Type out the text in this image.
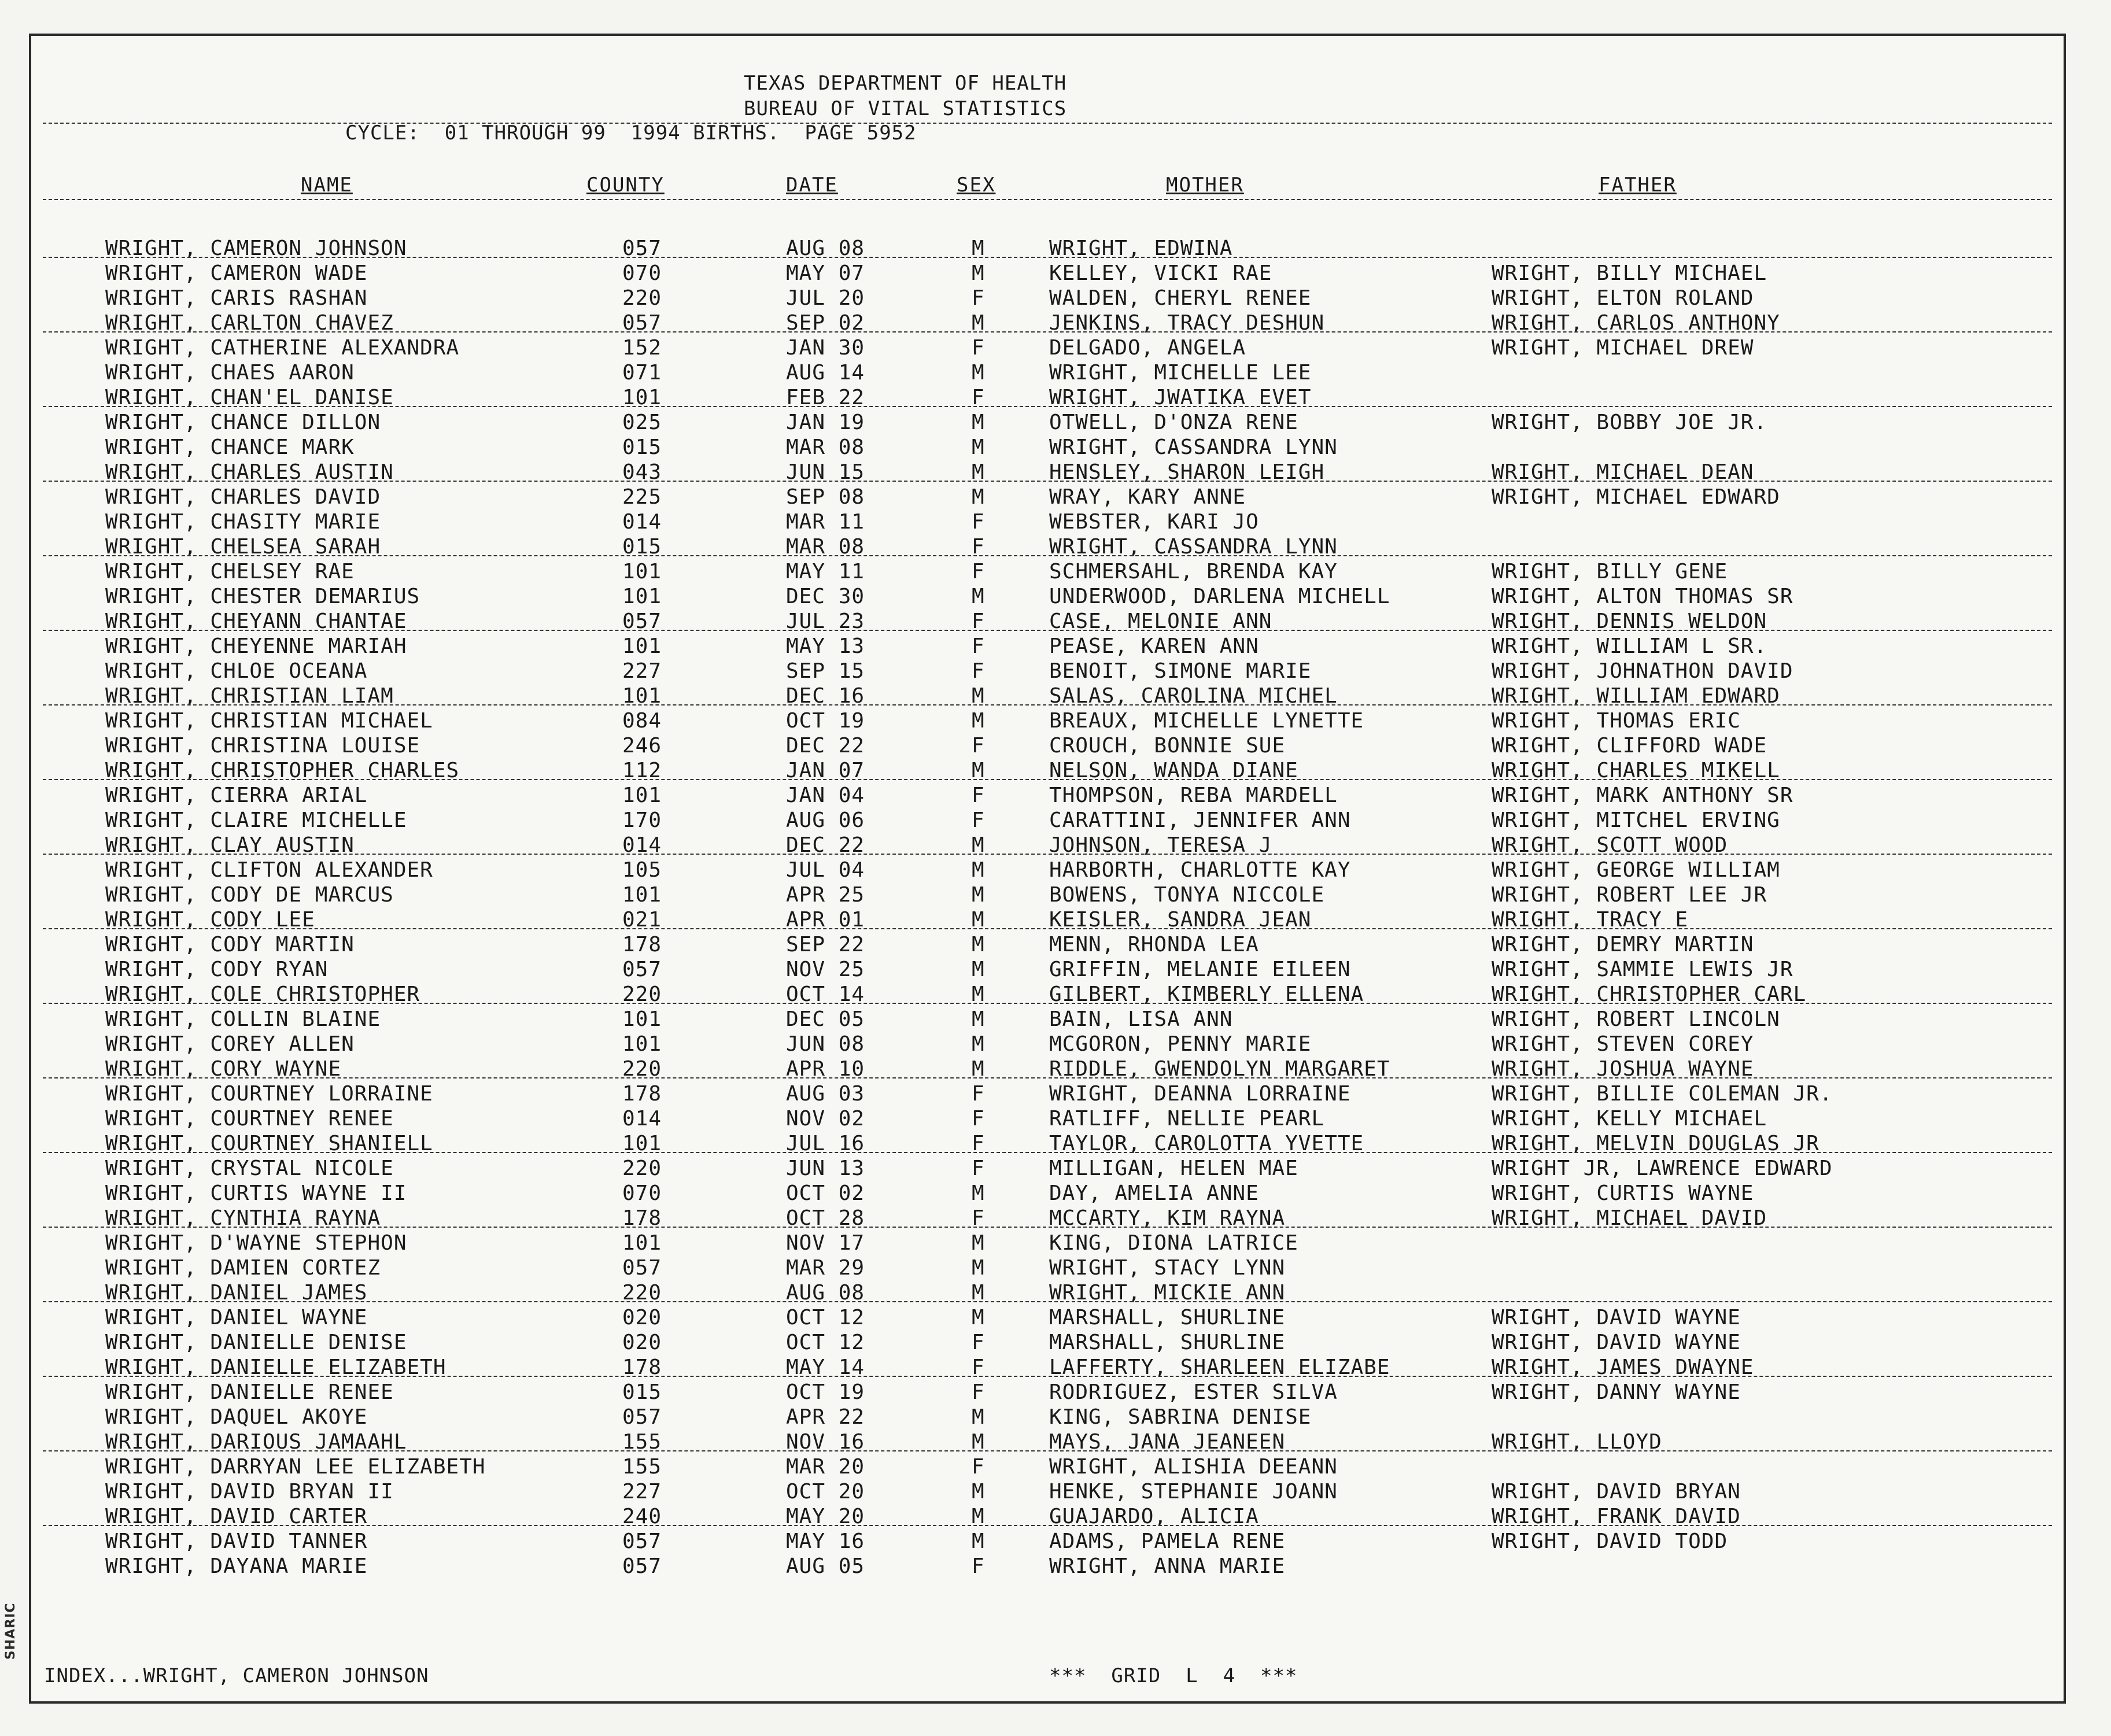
SHARIC
TEXAS DEPARTMENT OF HEALTH
BUREAU OF VITAL STATISTICS
CYCLE:  01 THROUGH 99  1994 BIRTHS.  PAGE 5952
NAME	COUNTY	DATE	SEX	MOTHER	FATHER
WRIGHT, CAMERON JOHNSON	057	AUG 08	M	WRIGHT, EDWINA
WRIGHT, CAMERON WADE	070	MAY 07	M	KELLEY, VICKI RAE	WRIGHT, BILLY MICHAEL
WRIGHT, CARIS RASHAN	220	JUL 20	F	WALDEN, CHERYL RENEE	WRIGHT, ELTON ROLAND
WRIGHT, CARLTON CHAVEZ	057	SEP 02	M	JENKINS, TRACY DESHUN	WRIGHT, CARLOS ANTHONY
WRIGHT, CATHERINE ALEXANDRA	152	JAN 30	F	DELGADO, ANGELA	WRIGHT, MICHAEL DREW
WRIGHT, CHAES AARON	071	AUG 14	M	WRIGHT, MICHELLE LEE
WRIGHT, CHAN'EL DANISE	101	FEB 22	F	WRIGHT, JWATIKA EVET
WRIGHT, CHANCE DILLON	025	JAN 19	M	OTWELL, D'ONZA RENE	WRIGHT, BOBBY JOE JR.
WRIGHT, CHANCE MARK	015	MAR 08	M	WRIGHT, CASSANDRA LYNN
WRIGHT, CHARLES AUSTIN	043	JUN 15	M	HENSLEY, SHARON LEIGH	WRIGHT, MICHAEL DEAN
WRIGHT, CHARLES DAVID	225	SEP 08	M	WRAY, KARY ANNE	WRIGHT, MICHAEL EDWARD
WRIGHT, CHASITY MARIE	014	MAR 11	F	WEBSTER, KARI JO
WRIGHT, CHELSEA SARAH	015	MAR 08	F	WRIGHT, CASSANDRA LYNN
WRIGHT, CHELSEY RAE	101	MAY 11	F	SCHMERSAHL, BRENDA KAY	WRIGHT, BILLY GENE
WRIGHT, CHESTER DEMARIUS	101	DEC 30	M	UNDERWOOD, DARLENA MICHELL	WRIGHT, ALTON THOMAS SR
WRIGHT, CHEYANN CHANTAE	057	JUL 23	F	CASE, MELONIE ANN	WRIGHT, DENNIS WELDON
WRIGHT, CHEYENNE MARIAH	101	MAY 13	F	PEASE, KAREN ANN	WRIGHT, WILLIAM L SR.
WRIGHT, CHLOE OCEANA	227	SEP 15	F	BENOIT, SIMONE MARIE	WRIGHT, JOHNATHON DAVID
WRIGHT, CHRISTIAN LIAM	101	DEC 16	M	SALAS, CAROLINA MICHEL	WRIGHT, WILLIAM EDWARD
WRIGHT, CHRISTIAN MICHAEL	084	OCT 19	M	BREAUX, MICHELLE LYNETTE	WRIGHT, THOMAS ERIC
WRIGHT, CHRISTINA LOUISE	246	DEC 22	F	CROUCH, BONNIE SUE	WRIGHT, CLIFFORD WADE
WRIGHT, CHRISTOPHER CHARLES	112	JAN 07	M	NELSON, WANDA DIANE	WRIGHT, CHARLES MIKELL
WRIGHT, CIERRA ARIAL	101	JAN 04	F	THOMPSON, REBA MARDELL	WRIGHT, MARK ANTHONY SR
WRIGHT, CLAIRE MICHELLE	170	AUG 06	F	CARATTINI, JENNIFER ANN	WRIGHT, MITCHEL ERVING
WRIGHT, CLAY AUSTIN	014	DEC 22	M	JOHNSON, TERESA J	WRIGHT, SCOTT WOOD
WRIGHT, CLIFTON ALEXANDER	105	JUL 04	M	HARBORTH, CHARLOTTE KAY	WRIGHT, GEORGE WILLIAM
WRIGHT, CODY DE MARCUS	101	APR 25	M	BOWENS, TONYA NICCOLE	WRIGHT, ROBERT LEE JR
WRIGHT, CODY LEE	021	APR 01	M	KEISLER, SANDRA JEAN	WRIGHT, TRACY E
WRIGHT, CODY MARTIN	178	SEP 22	M	MENN, RHONDA LEA	WRIGHT, DEMRY MARTIN
WRIGHT, CODY RYAN	057	NOV 25	M	GRIFFIN, MELANIE EILEEN	WRIGHT, SAMMIE LEWIS JR
WRIGHT, COLE CHRISTOPHER	220	OCT 14	M	GILBERT, KIMBERLY ELLENA	WRIGHT, CHRISTOPHER CARL
WRIGHT, COLLIN BLAINE	101	DEC 05	M	BAIN, LISA ANN	WRIGHT, ROBERT LINCOLN
WRIGHT, COREY ALLEN	101	JUN 08	M	MCGORON, PENNY MARIE	WRIGHT, STEVEN COREY
WRIGHT, CORY WAYNE	220	APR 10	M	RIDDLE, GWENDOLYN MARGARET	WRIGHT, JOSHUA WAYNE
WRIGHT, COURTNEY LORRAINE	178	AUG 03	F	WRIGHT, DEANNA LORRAINE	WRIGHT, BILLIE COLEMAN JR.
WRIGHT, COURTNEY RENEE	014	NOV 02	F	RATLIFF, NELLIE PEARL	WRIGHT, KELLY MICHAEL
WRIGHT, COURTNEY SHANIELL	101	JUL 16	F	TAYLOR, CAROLOTTA YVETTE	WRIGHT, MELVIN DOUGLAS JR
WRIGHT, CRYSTAL NICOLE	220	JUN 13	F	MILLIGAN, HELEN MAE	WRIGHT JR, LAWRENCE EDWARD
WRIGHT, CURTIS WAYNE II	070	OCT 02	M	DAY, AMELIA ANNE	WRIGHT, CURTIS WAYNE
WRIGHT, CYNTHIA RAYNA	178	OCT 28	F	MCCARTY, KIM RAYNA	WRIGHT, MICHAEL DAVID
WRIGHT, D'WAYNE STEPHON	101	NOV 17	M	KING, DIONA LATRICE
WRIGHT, DAMIEN CORTEZ	057	MAR 29	M	WRIGHT, STACY LYNN
WRIGHT, DANIEL JAMES	220	AUG 08	M	WRIGHT, MICKIE ANN
WRIGHT, DANIEL WAYNE	020	OCT 12	M	MARSHALL, SHURLINE	WRIGHT, DAVID WAYNE
WRIGHT, DANIELLE DENISE	020	OCT 12	F	MARSHALL, SHURLINE	WRIGHT, DAVID WAYNE
WRIGHT, DANIELLE ELIZABETH	178	MAY 14	F	LAFFERTY, SHARLEEN ELIZABE	WRIGHT, JAMES DWAYNE
WRIGHT, DANIELLE RENEE	015	OCT 19	F	RODRIGUEZ, ESTER SILVA	WRIGHT, DANNY WAYNE
WRIGHT, DAQUEL AKOYE	057	APR 22	M	KING, SABRINA DENISE
WRIGHT, DARIOUS JAMAAHL	155	NOV 16	M	MAYS, JANA JEANEEN	WRIGHT, LLOYD
WRIGHT, DARRYAN LEE ELIZABETH	155	MAR 20	F	WRIGHT, ALISHIA DEEANN
WRIGHT, DAVID BRYAN II	227	OCT 20	M	HENKE, STEPHANIE JOANN	WRIGHT, DAVID BRYAN
WRIGHT, DAVID CARTER	240	MAY 20	M	GUAJARDO, ALICIA	WRIGHT, FRANK DAVID
WRIGHT, DAVID TANNER	057	MAY 16	M	ADAMS, PAMELA RENE	WRIGHT, DAVID TODD
WRIGHT, DAYANA MARIE	057	AUG 05	F	WRIGHT, ANNA MARIE
INDEX...WRIGHT, CAMERON JOHNSON	***  GRID  L  4  ***
